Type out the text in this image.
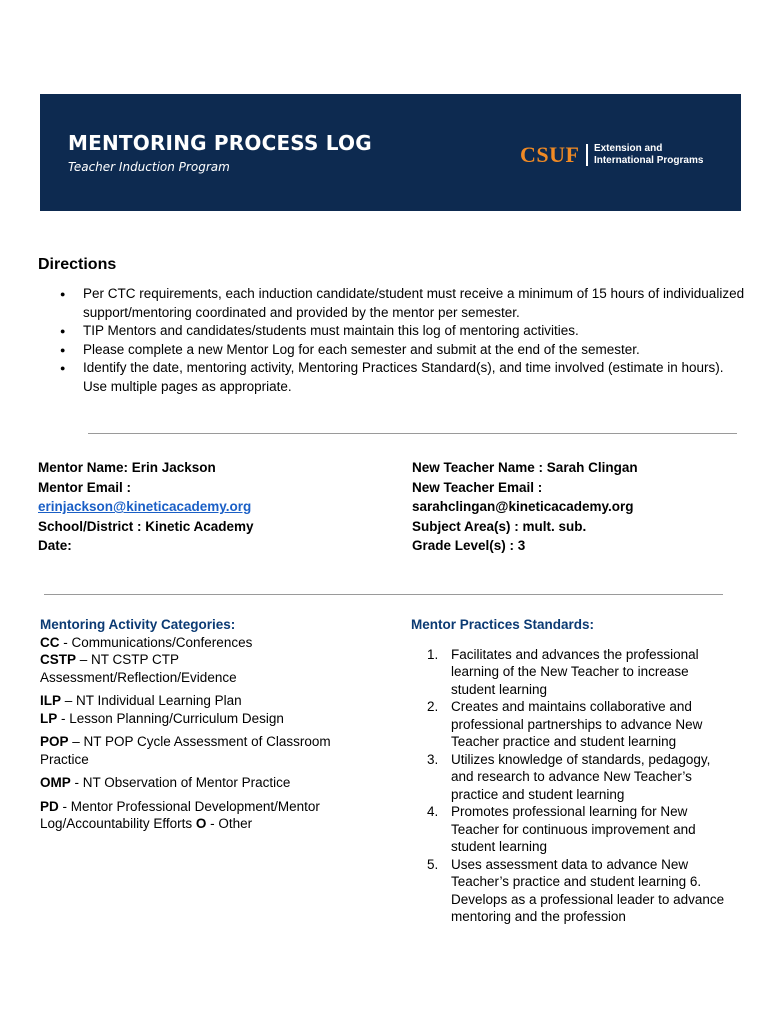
MENTORING PROCESS LOG
Teacher Induction Program	CSUF Extension and
International Programs
Directions
● Per CTC requirements, each induction candidate/student must receive a minimum of 15 hours of individualized support/mentoring coordinated and provided by the mentor per semester.
● TIP Mentors and candidates/students must maintain this log of mentoring activities.
● Please complete a new Mentor Log for each semester and submit at the end of the semester.
● Identify the date, mentoring activity, Mentoring Practices Standard(s), and time involved (estimate in hours). Use multiple pages as appropriate.
Mentor Name: Erin Jackson
Mentor Email :
erinjackson@kineticacademy.org
School/District : Kinetic Academy
Date:
New Teacher Name : Sarah Clingan
New Teacher Email :
sarahclingan@kineticacademy.org
Subject Area(s) : mult. sub.
Grade Level(s) : 3
Mentoring Activity Categories:
CC - Communications/Conferences
CSTP – NT CSTP CTP Assessment/Reflection/Evidence
ILP – NT Individual Learning Plan
LP - Lesson Planning/Curriculum Design
POP – NT POP Cycle Assessment of Classroom Practice
OMP - NT Observation of Mentor Practice
PD - Mentor Professional Development/Mentor Log/Accountability Efforts O - Other
Mentor Practices Standards:
1. Facilitates and advances the professional learning of the New Teacher to increase student learning
2. Creates and maintains collaborative and professional partnerships to advance New Teacher practice and student learning
3. Utilizes knowledge of standards, pedagogy, and research to advance New Teacher’s practice and student learning
4. Promotes professional learning for New Teacher for continuous improvement and student learning
5. Uses assessment data to advance New Teacher’s practice and student learning 6. Develops as a professional leader to advance mentoring and the profession
